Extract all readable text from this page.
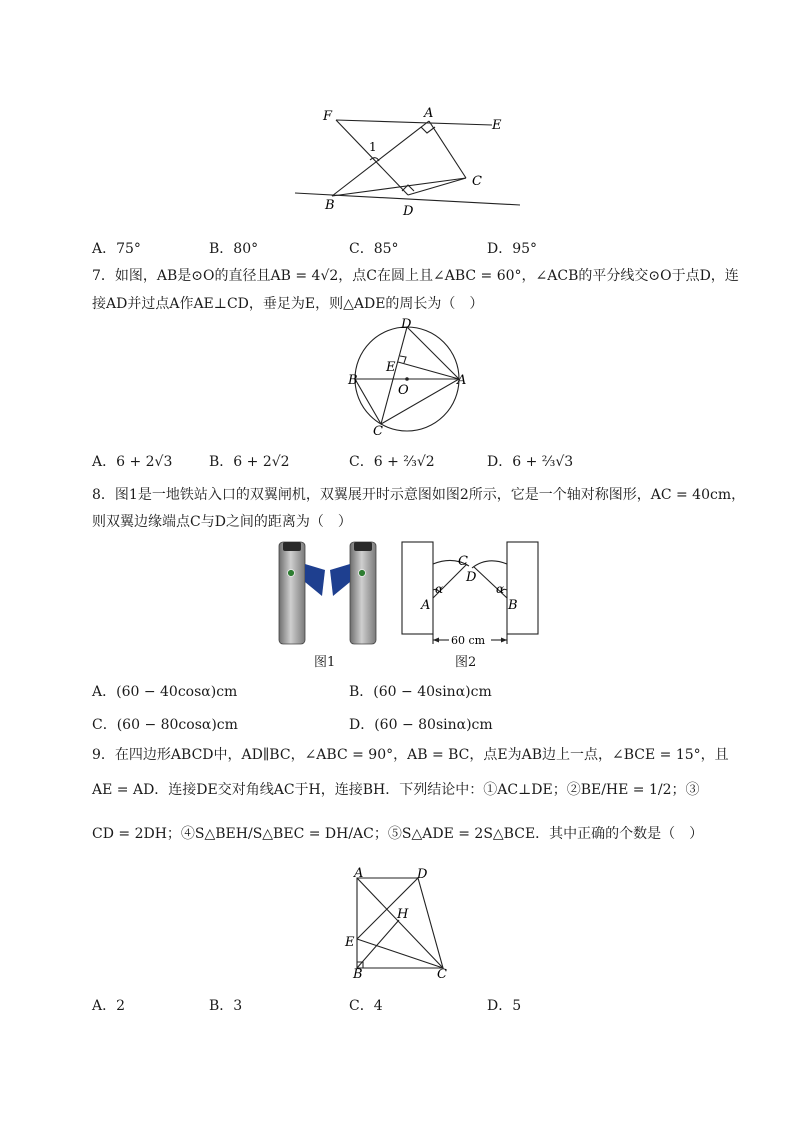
F	A
E
1
C
B	D
A．75°	B．80°	C．85°	D．95°
7．如图，AB是⊙O的直径且AB = 4√2，点C在圆上且∠ABC = 60°，∠ACB的平分线交⊙O于点D，连
接AD并过点A作AE⊥CD，垂足为E，则△ADE的周长为（　）
D
E
B
O
A
C
A．6 + 2√3	B．6 + 2√2	C．6 + ⅔√2	D．6 + ⅔√3
8．图1是一地铁站入口的双翼闸机，双翼展开时示意图如图2所示，它是一个轴对称图形，AC = 40cm，
则双翼边缘端点C与D之间的距离为（　）
图1
C
D
α	α
A	B
60 cm
图2
A．(60 − 40cosα)cm	B．(60 − 40sinα)cm
C．(60 − 80cosα)cm	D．(60 − 80sinα)cm
9．在四边形ABCD中，AD∥BC，∠ABC = 90°，AB = BC，点E为AB边上一点，∠BCE = 15°，且
AE = AD．连接DE交对角线AC于H，连接BH．下列结论中：①AC⊥DE；②BE/HE = 1/2；③
CD = 2DH；④S△BEH/S△BEC = DH/AC；⑤S△ADE = 2S△BCE．其中正确的个数是（　）
A	D
H
E
B	C
A．2	B．3	C．4	D．5
